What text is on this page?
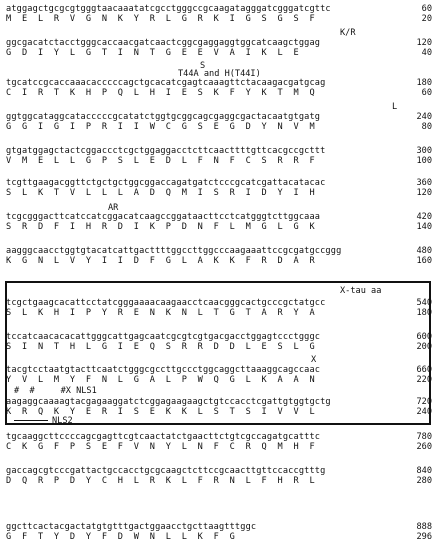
atggagctgcgcgtgggtaacaaatatcgcctgggccgcaagatagggatcgggatcgttc	60
M  E  L  R  V  G  N  K  Y  R  L  G  R  K  I  G  S  G  S  F	20
K/R
ggcgacatctacctgggcaccaacgatcaactcggcgaggaggtggcatcaagctggag	120
G  D  I  Y  L  G  T  I  N  T  G  E  E  V  A  I  K  L  E	40
S
T44A and H(T44I)
tgcatccgcaccaaacacccccagctgcacatcgagtcaaagttctacaagacgatgcag	180
C  I  R  T  K  H  P  Q  L  H  I  E  S  K  F  Y  K  T  M  Q	60
L
ggtggcataggcatacccccgcatatctggtgcggcagcgaggcgactacaatgtgatg	240
G  G  I  G  I  P  R  I  I  W  C  G  S  E  G  D  Y  N  V  M	80
gtgatggagctactcggaccctcgctggaggacctcttcaacttttgttcacgccgcttt	300
V  M  E  L  L  G  P  S  L  E  D  L  F  N  F  C  S  R  R  F	100
tcgttgaagacggttctgctgctggcggaccagatgatctcccgcatcgattacatacac	360
S  L  K  T  V  L  L  L  A  D  Q  M  I  S  R  I  D  Y  I  H	120
AR
tcgcgggacttcatccatcggacatcaagccggataacttcctcatgggtcttggcaaa	420
S  R  D  F  I  H  R  D  I  K  P  D  N  F  L  M  G  L  G  K	140
aagggcaacctggtgtacatcattgacttttggccttggcccaagaaattccgcgatgccggg	480
K  G  N  L  V  Y  I  I  D  F  G  L  A  K  K  F  R  D  A  R	160
X-tau aa
tcgctgaagcacattcctatcgggaaaacaagaacctcaacgggcactgcccgctatgcc	540
S  L  K  H  I  P  Y  R  E  N  K  N  L  T  G  T  A  R  Y  A	180
tccatcaacacacattgggcattgagcaatcgcgtcgtgacgacctggagtccctgggc	600
S  I  N  T  H  L  G  I  E  Q  S  R  R  D  D  L  E  S  L  G	200
X
tacgtcctaatgtacttcaatctgggcgccttgccctggcaggcttaaaggcagccaac	660
Y  V  L  M  Y  F  N  L  G  A  L  P  W  Q  G  L  K  A  A  N	220
#  #     #X NLS1
aagaggcaaaagtacgagaaggatctcggagaagaagctgtccacctcgattgtggtgctg	720
K  R  Q  K  Y  E  R  I  S  E  K  K  L  S  T  S  I  V  V  L	240
NLS2
tgcaaggcttccccagcgagttcgtcaactatctgaacttctgtcgccagatgcatttc	780
C  K  G  F  P  S  E  F  V  N  Y  L  N  F  C  R  Q  M  H  F	260
gaccagcgtcccgattactgccacctgcgcaagctcttccgcaacttgttccaccgtttg	840
D  Q  R  P  D  Y  C  H  L  R  K  L  F  R  N  L  F  H  R  L	280
ggcttcactacgactatgtgtttgactggaacctgcttaagtttggc	888
G  F  T  Y  D  Y  F  D  W  N  L  L  K  F  G	296
